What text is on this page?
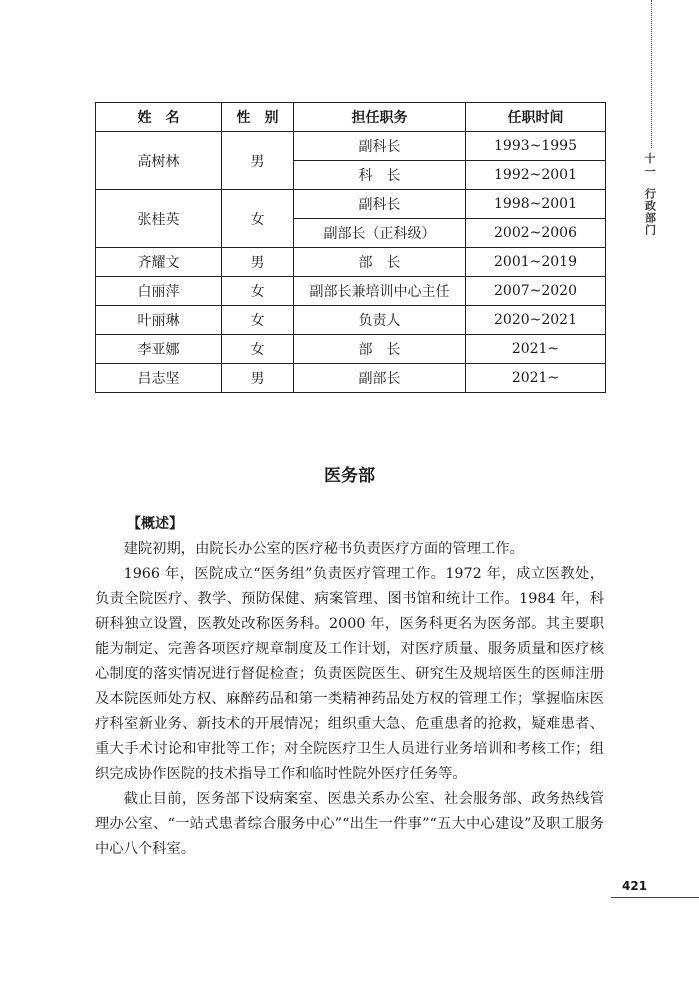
十一
行政部门
姓　名	性　别	担任职务	任职时间
高树林	男	副科长	1993~1995
		科　长	1992~2001
张桂英	女	副科长	1998~2001
		副部长（正科级）	2002~2006
齐耀文	男	部　长	2001~2019
白丽萍	女	副部长兼培训中心主任	2007~2020
叶丽琳	女	负责人	2020~2021
李亚娜	女	部　长	2021~
吕志坚	男	副部长	2021~
医务部
【概述】

建院初期，由院长办公室的医疗秘书负责医疗方面的管理工作。

1966 年，医院成立“医务组”负责医疗管理工作。1972 年，成立医教处，负责全院医疗、教学、预防保健、病案管理、图书馆和统计工作。1984 年，科研科独立设置，医教处改称医务科。2000 年，医务科更名为医务部。其主要职能为制定、完善各项医疗规章制度及工作计划，对医疗质量、服务质量和医疗核心制度的落实情况进行督促检查；负责医院医生、研究生及规培医生的医师注册及本院医师处方权、麻醉药品和第一类精神药品处方权的管理工作；掌握临床医疗科室新业务、新技术的开展情况；组织重大急、危重患者的抢救，疑难患者、重大手术讨论和审批等工作；对全院医疗卫生人员进行业务培训和考核工作；组织完成协作医院的技术指导工作和临时性院外医疗任务等。

截止目前，医务部下设病案室、医患关系办公室、社会服务部、政务热线管理办公室、“一站式患者综合服务中心”“出生一件事”“五大中心建设”及职工服务中心八个科室。

421
